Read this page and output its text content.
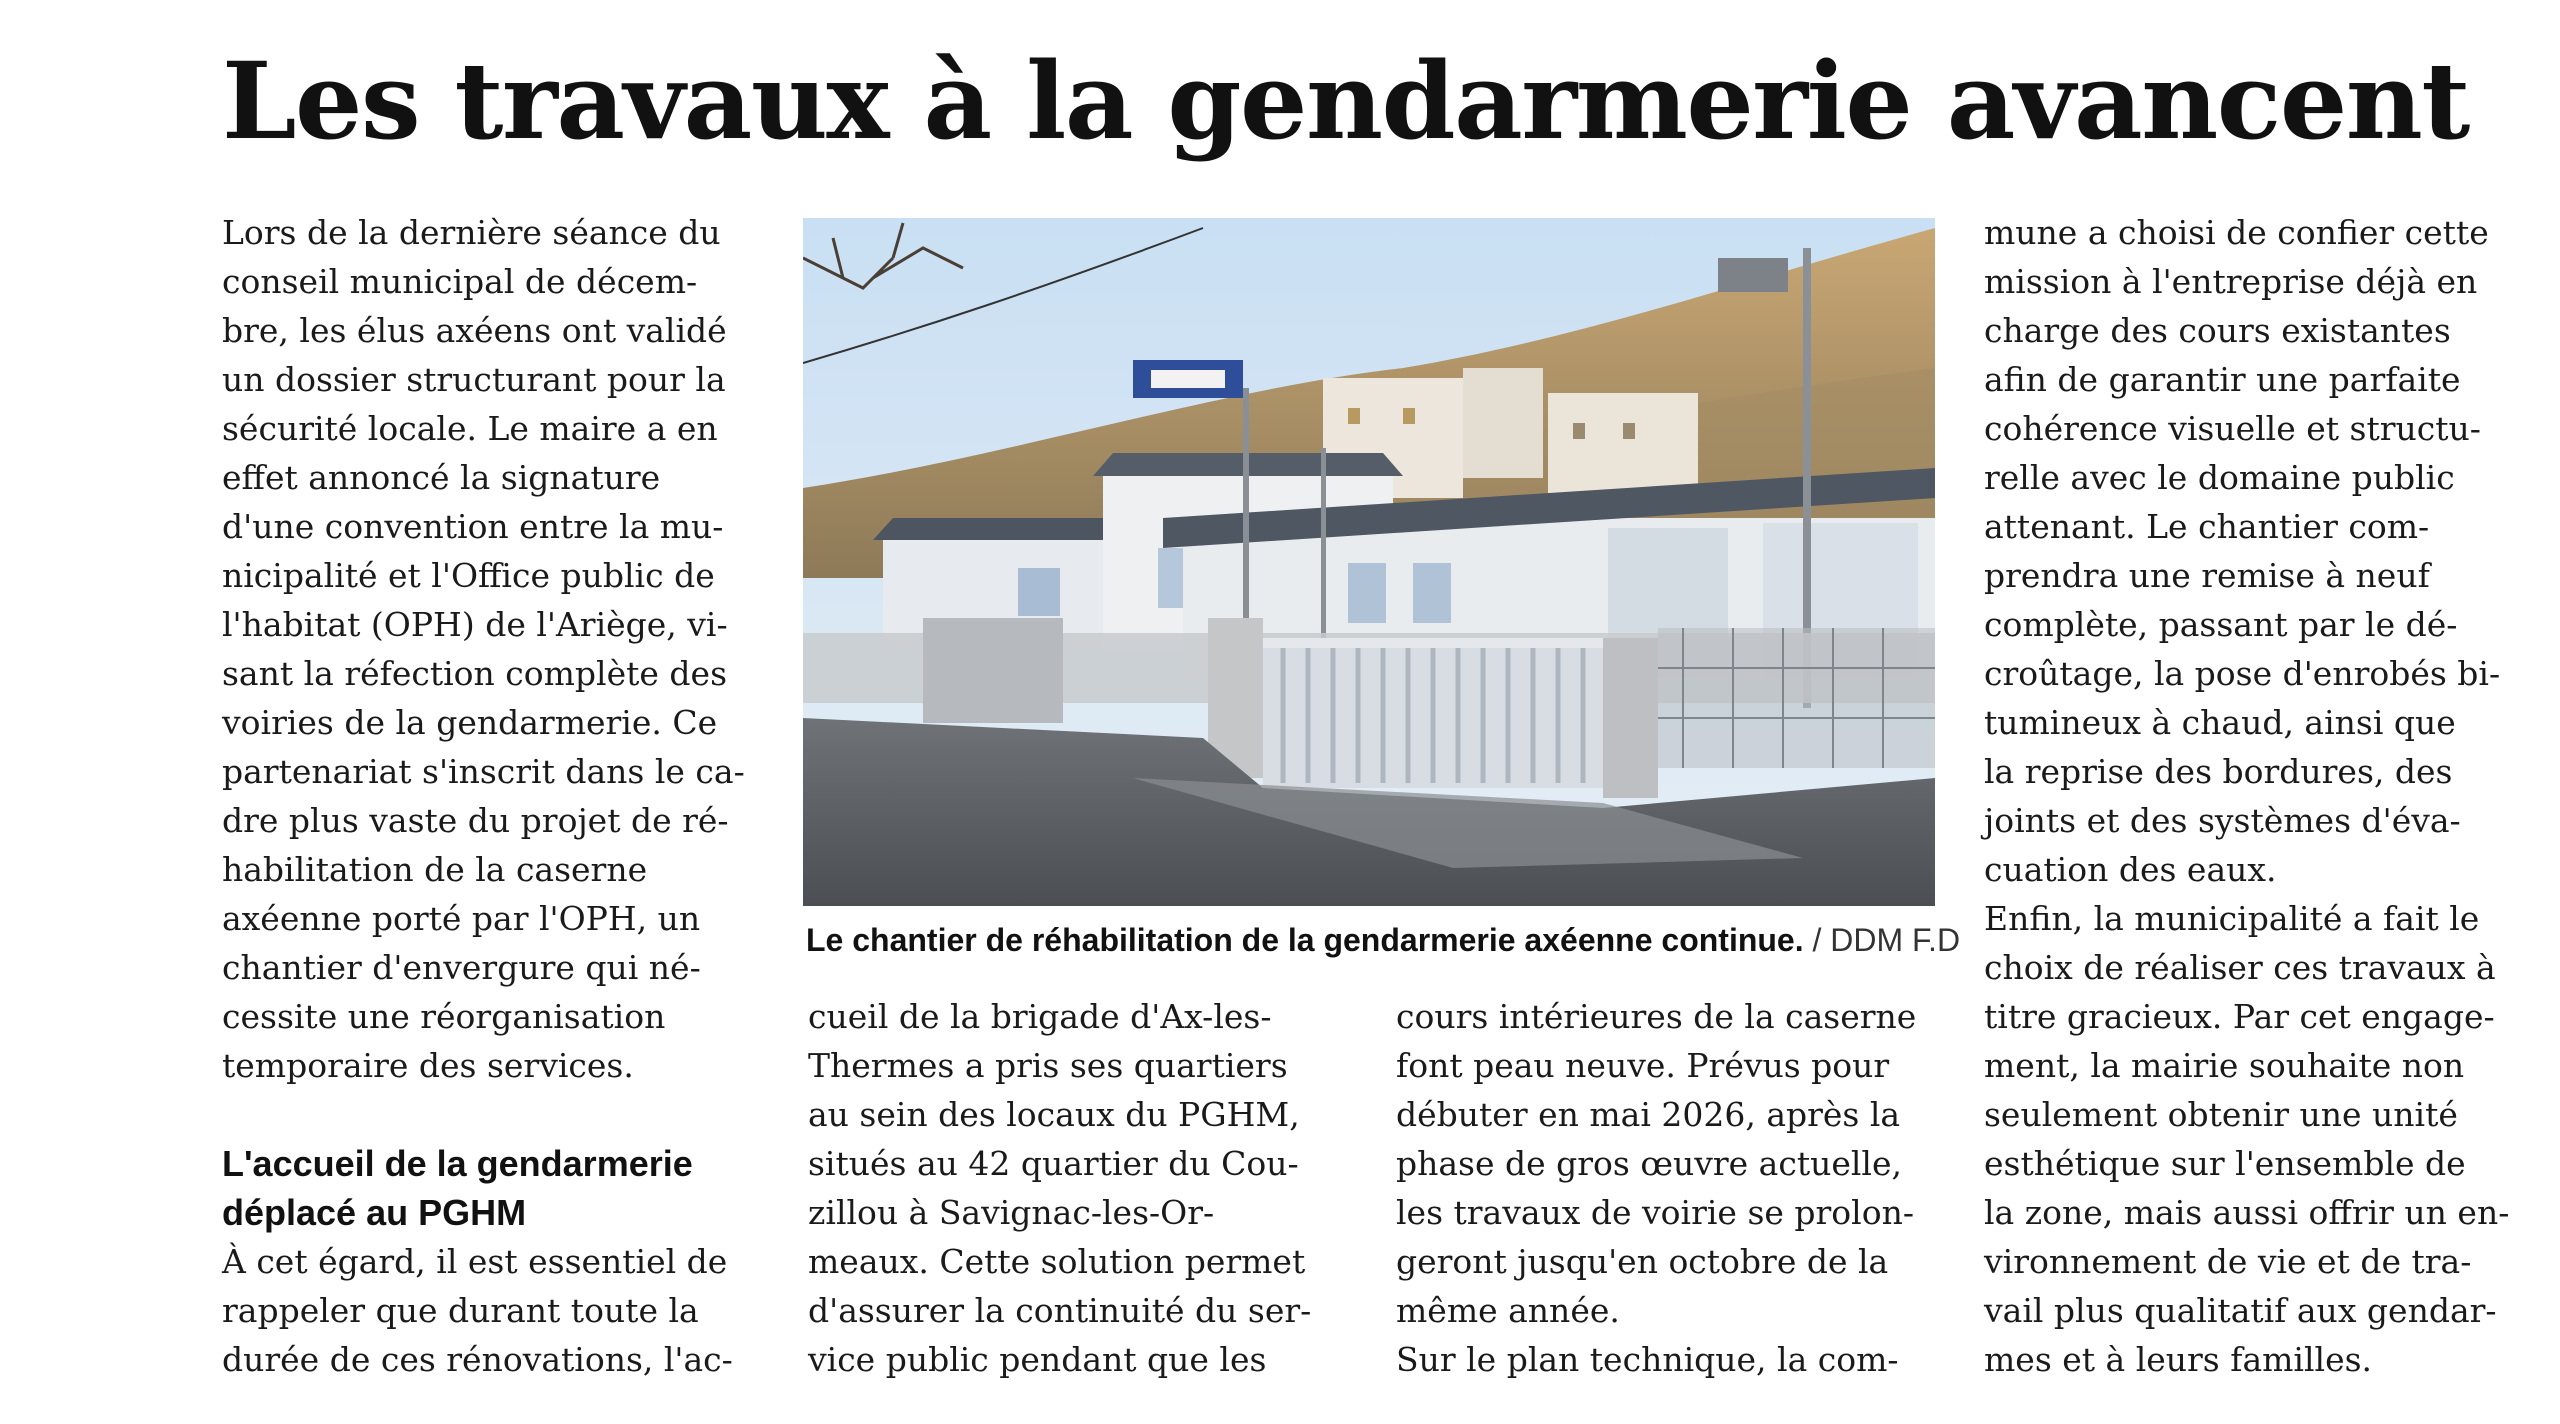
Les travaux à la gendarmerie avancent
Lors de la dernière séance du
conseil municipal de décem-
bre, les élus axéens ont validé
un dossier structurant pour la
sécurité locale. Le maire a en
effet annoncé la signature
d'une convention entre la mu-
nicipalité et l'Office public de
l'habitat (OPH) de l'Ariège, vi-
sant la réfection complète des
voiries de la gendarmerie. Ce
partenariat s'inscrit dans le ca-
dre plus vaste du projet de ré-
habilitation de la caserne
axéenne porté par l'OPH, un
chantier d'envergure qui né-
cessite une réorganisation
temporaire des services.
L'accueil de la gendarmerie
déplacé au PGHM
À cet égard, il est essentiel de
rappeler que durant toute la
durée de ces rénovations, l'ac-
Le chantier de réhabilitation de la gendarmerie axéenne continue. / DDM F.D
cueil de la brigade d'Ax-les-
Thermes a pris ses quartiers
au sein des locaux du PGHM,
situés au 42 quartier du Cou-
zillou à Savignac-les-Or-
meaux. Cette solution permet
d'assurer la continuité du ser-
vice public pendant que les
cours intérieures de la caserne
font peau neuve. Prévus pour
débuter en mai 2026, après la
phase de gros œuvre actuelle,
les travaux de voirie se prolon-
geront jusqu'en octobre de la
même année.
Sur le plan technique, la com-
mune a choisi de confier cette
mission à l'entreprise déjà en
charge des cours existantes
afin de garantir une parfaite
cohérence visuelle et structu-
relle avec le domaine public
attenant. Le chantier com-
prendra une remise à neuf
complète, passant par le dé-
croûtage, la pose d'enrobés bi-
tumineux à chaud, ainsi que
la reprise des bordures, des
joints et des systèmes d'éva-
cuation des eaux.
Enfin, la municipalité a fait le
choix de réaliser ces travaux à
titre gracieux. Par cet engage-
ment, la mairie souhaite non
seulement obtenir une unité
esthétique sur l'ensemble de
la zone, mais aussi offrir un en-
vironnement de vie et de tra-
vail plus qualitatif aux gendar-
mes et à leurs familles.
